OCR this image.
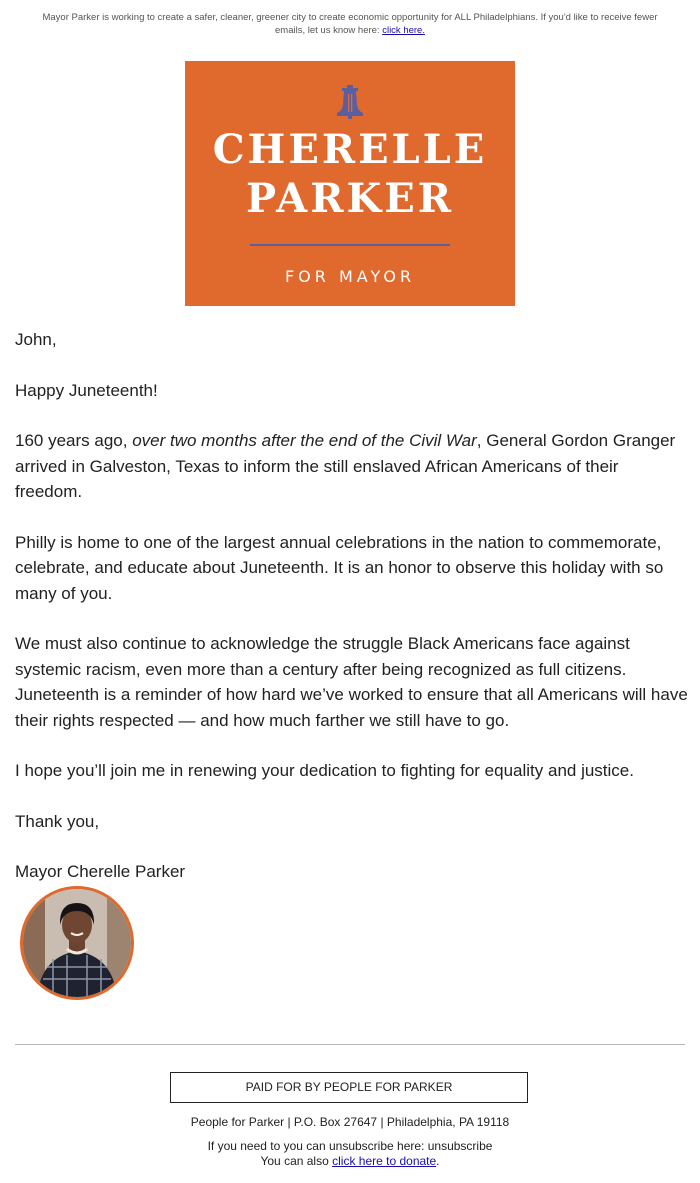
Mayor Parker is working to create a safer, cleaner, greener city to create economic opportunity for ALL Philadelphians. If you'd like to receive fewer emails, let us know here: click here.
CHERELLE
PARKER
FOR MAYOR

John,

Happy Juneteenth!

160 years ago, over two months after the end of the Civil War, General Gordon Granger arrived in Galveston, Texas to inform the still enslaved African Americans of their freedom.

Philly is home to one of the largest annual celebrations in the nation to commemorate, celebrate, and educate about Juneteenth. It is an honor to observe this holiday with so many of you.

We must also continue to acknowledge the struggle Black Americans face against systemic racism, even more than a century after being recognized as full citizens. Juneteenth is a reminder of how hard we’ve worked to ensure that all Americans will have their rights respected — and how much farther we still have to go.

I hope you’ll join me in renewing your dedication to fighting for equality and justice.

Thank you,

Mayor Cherelle Parker

PAID FOR BY PEOPLE FOR PARKER
People for Parker | P.O. Box 27647 | Philadelphia, PA 19118
If you need to you can unsubscribe here: unsubscribe
You can also click here to donate.
